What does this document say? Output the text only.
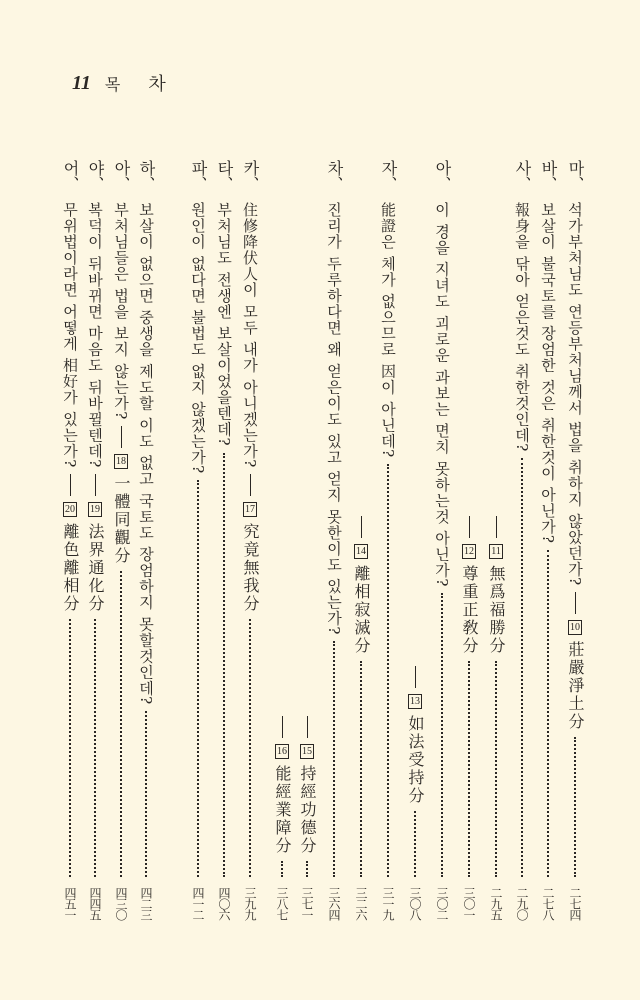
11 목 차
마、
석가부처님도 연등부처님께서 법을 취하지 않았던가?
10
莊嚴淨土分
二七四
바、
보살이 불국토를 장엄한 것은 취한것이 아닌가?
二七八
사、
報身을 닦아 얻은것도 취한것인데?
二九〇
11
無爲福勝分
二九五
12
尊重正敎分
三〇一
아、
이 경을 지녀도 괴로운 과보는 면치 못하는것 아닌가?
三〇二
13
如法受持分
三〇八
자、
能證은 체가 없으므로 因이 아닌데?
三一九
14
離相寂滅分
三二六
차、
진리가 두루하다면 왜 얻은이도 있고 얻지 못한이도 있는가?
三六四
15
持經功德分
三七一
16
能經業障分
三八七
카、
住修降伏人이 모두 내가 아니겠는가?
17
究竟無我分
三九九
타、
부처님도 전생엔 보살이었을텐데?
四〇六
파、
원인이 없다면 불법도 없지 않겠는가?
四一二
하、
보살이 없으면 중생을 제도할 이도 없고 국토도 장엄하지 못할것인데?
四二三
아、
부처님들은 법을 보지 않는가?
18
一體同觀分
四三〇
야、
복덕이 뒤바뀌면 마음도 뒤바뀔텐데?
19
法界通化分
四四五
어、
무위법이라면 어떻게 相好가 있는가?
20
離色離相分
四五一
